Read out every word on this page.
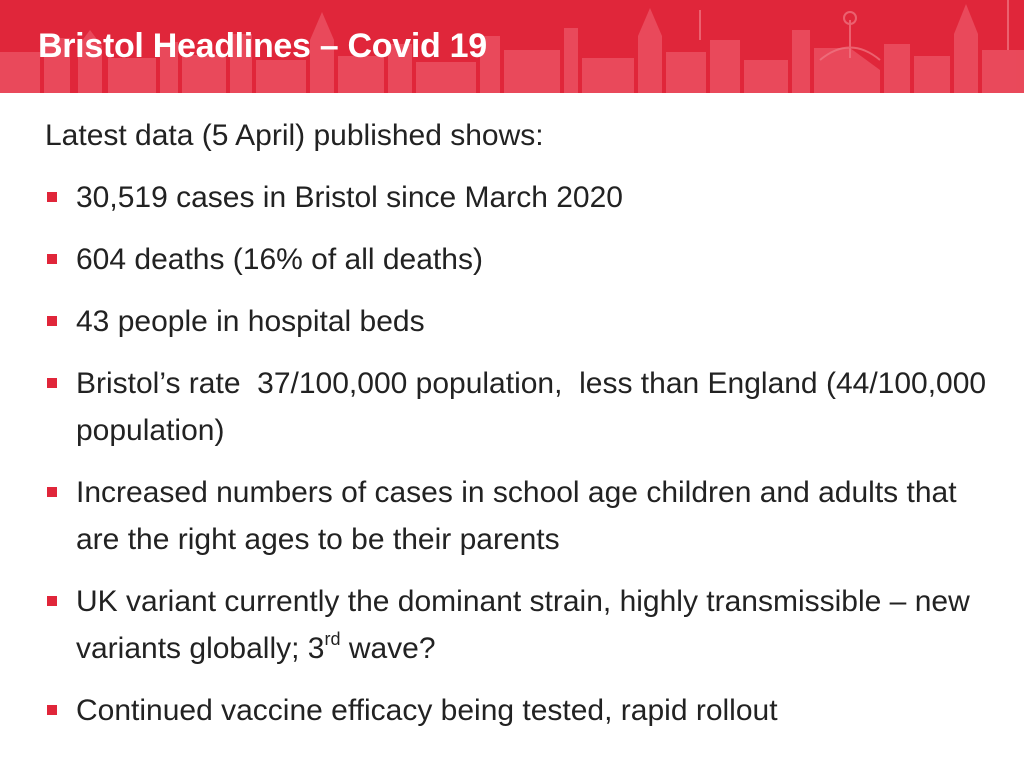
Bristol Headlines – Covid 19

Latest data (5 April) published shows:

30,519 cases in Bristol since March 2020
604 deaths (16% of all deaths)
43 people in hospital beds
Bristol’s rate  37/100,000 population,  less than England (44/100,000 population)
Increased numbers of cases in school age children and adults that are the right ages to be their parents
UK variant currently the dominant strain, highly transmissible – new variants globally; 3rd wave?
Continued vaccine efficacy being tested, rapid rollout
